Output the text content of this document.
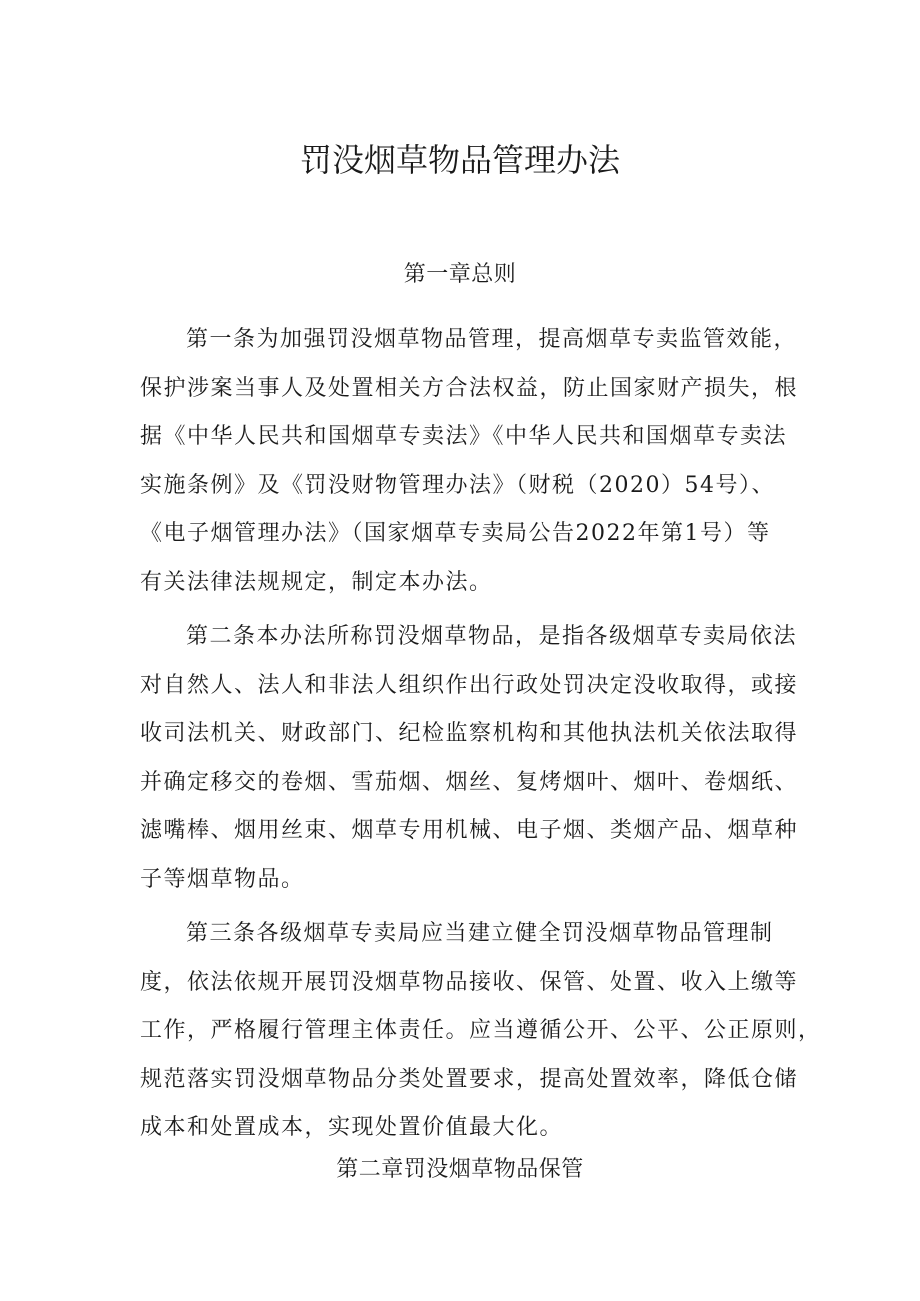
罚没烟草物品管理办法
第一章总则

第一条为加强罚没烟草物品管理，提高烟草专卖监管效能，
保护涉案当事人及处置相关方合法权益，防止国家财产损失，根
据《中华人民共和国烟草专卖法》《中华人民共和国烟草专卖法
实施条例》及《罚没财物管理办法》（财税（2020）54号）、
《电子烟管理办法》（国家烟草专卖局公告2022年第1号）等
有关法律法规规定，制定本办法。

第二条本办法所称罚没烟草物品，是指各级烟草专卖局依法
对自然人、法人和非法人组织作出行政处罚决定没收取得，或接
收司法机关、财政部门、纪检监察机构和其他执法机关依法取得
并确定移交的卷烟、雪茄烟、烟丝、复烤烟叶、烟叶、卷烟纸、
滤嘴棒、烟用丝束、烟草专用机械、电子烟、类烟产品、烟草种
子等烟草物品。

第三条各级烟草专卖局应当建立健全罚没烟草物品管理制
度，依法依规开展罚没烟草物品接收、保管、处置、收入上缴等
工作，严格履行管理主体责任。应当遵循公开、公平、公正原则，
规范落实罚没烟草物品分类处置要求，提高处置效率，降低仓储
成本和处置成本，实现处置价值最大化。

第二章罚没烟草物品保管
